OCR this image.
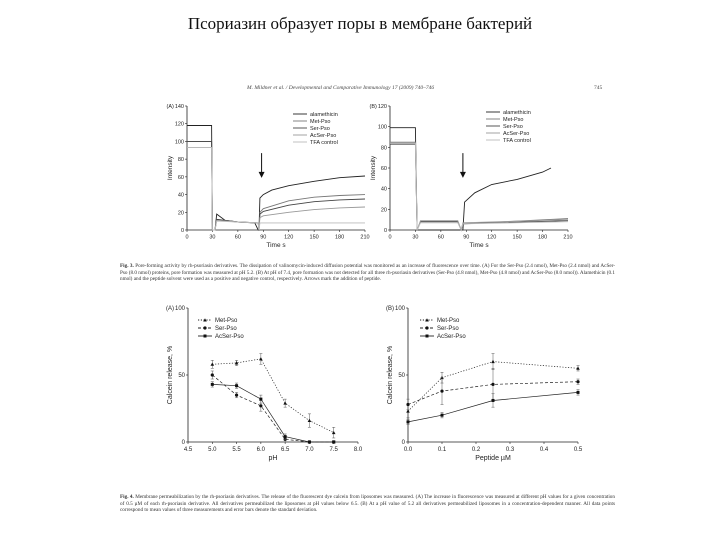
Псориазин образует поры в мембране бактерий
M. Mildner et al. / Developmental and Comparative Immunology 17 (2009) 740–746	745
0
20
40
60
80
100
120
140
0	30	60	90	120	150	180	210
Time s
Intensity
(A)
alamethicin
Met-Pso
Ser-Pso
AcSer-Pso
TFA control
0
20
40
60
80
100
120
0	30	60	90	120	150	180	210
Time s
Intensity
(B)
alamethicin
Met-Pso
Ser-Pso
AcSer-Pso
TFA control
Fig. 3. Pore-forming activity by rh-psoriasin derivatives. The dissipation of valinomycin-induced diffusion potential was monitored as an increase of fluorescence over time. (A) For the Ser-Pso (2.4 nmol), Met-Pso (2.4 nmol) and AcSer-Pso (8.0 nmol) proteins, pore formation was measured at pH 5.2. (B) At pH of 7.4, pore formation was not detected for all three rh-psoriasin derivatives (Ser-Pso (4.8 nmol), Met-Pso (4.8 nmol) and AcSer-Pso (8.0 nmol)). Alamethicin (0.1 nmol) and the peptide solvent were used as a positive and negative control, respectively. Arrows mark the addition of peptide.
0
50
100
4.5	5.0	5.5	6.0	6.5	7.0	7.5	8.0
pH
Calcein release, %
(A)
Met-Pso
Ser-Pso
AcSer-Pso
0
50
100
0.0	0.1	0.2	0.3	0.4	0.5
Peptide µM
Calcein release, %
(B)
Met-Pso
Ser-Pso
AcSer-Pso
Fig. 4. Membrane permeabilization by the rh-psoriasin derivatives. The release of the fluorescent dye calcein from liposomes was measured. (A) The increase in fluorescence was measured at different pH values for a given concentration of 0.5 µM of each rh-psoriasin derivative. All derivatives permeabilized the liposomes at pH values below 6.5. (B) At a pH value of 5.2 all derivatives permeabilized liposomes in a concentration-dependent manner. All data points correspond to mean values of three measurements and error bars denote the standard deviation.
